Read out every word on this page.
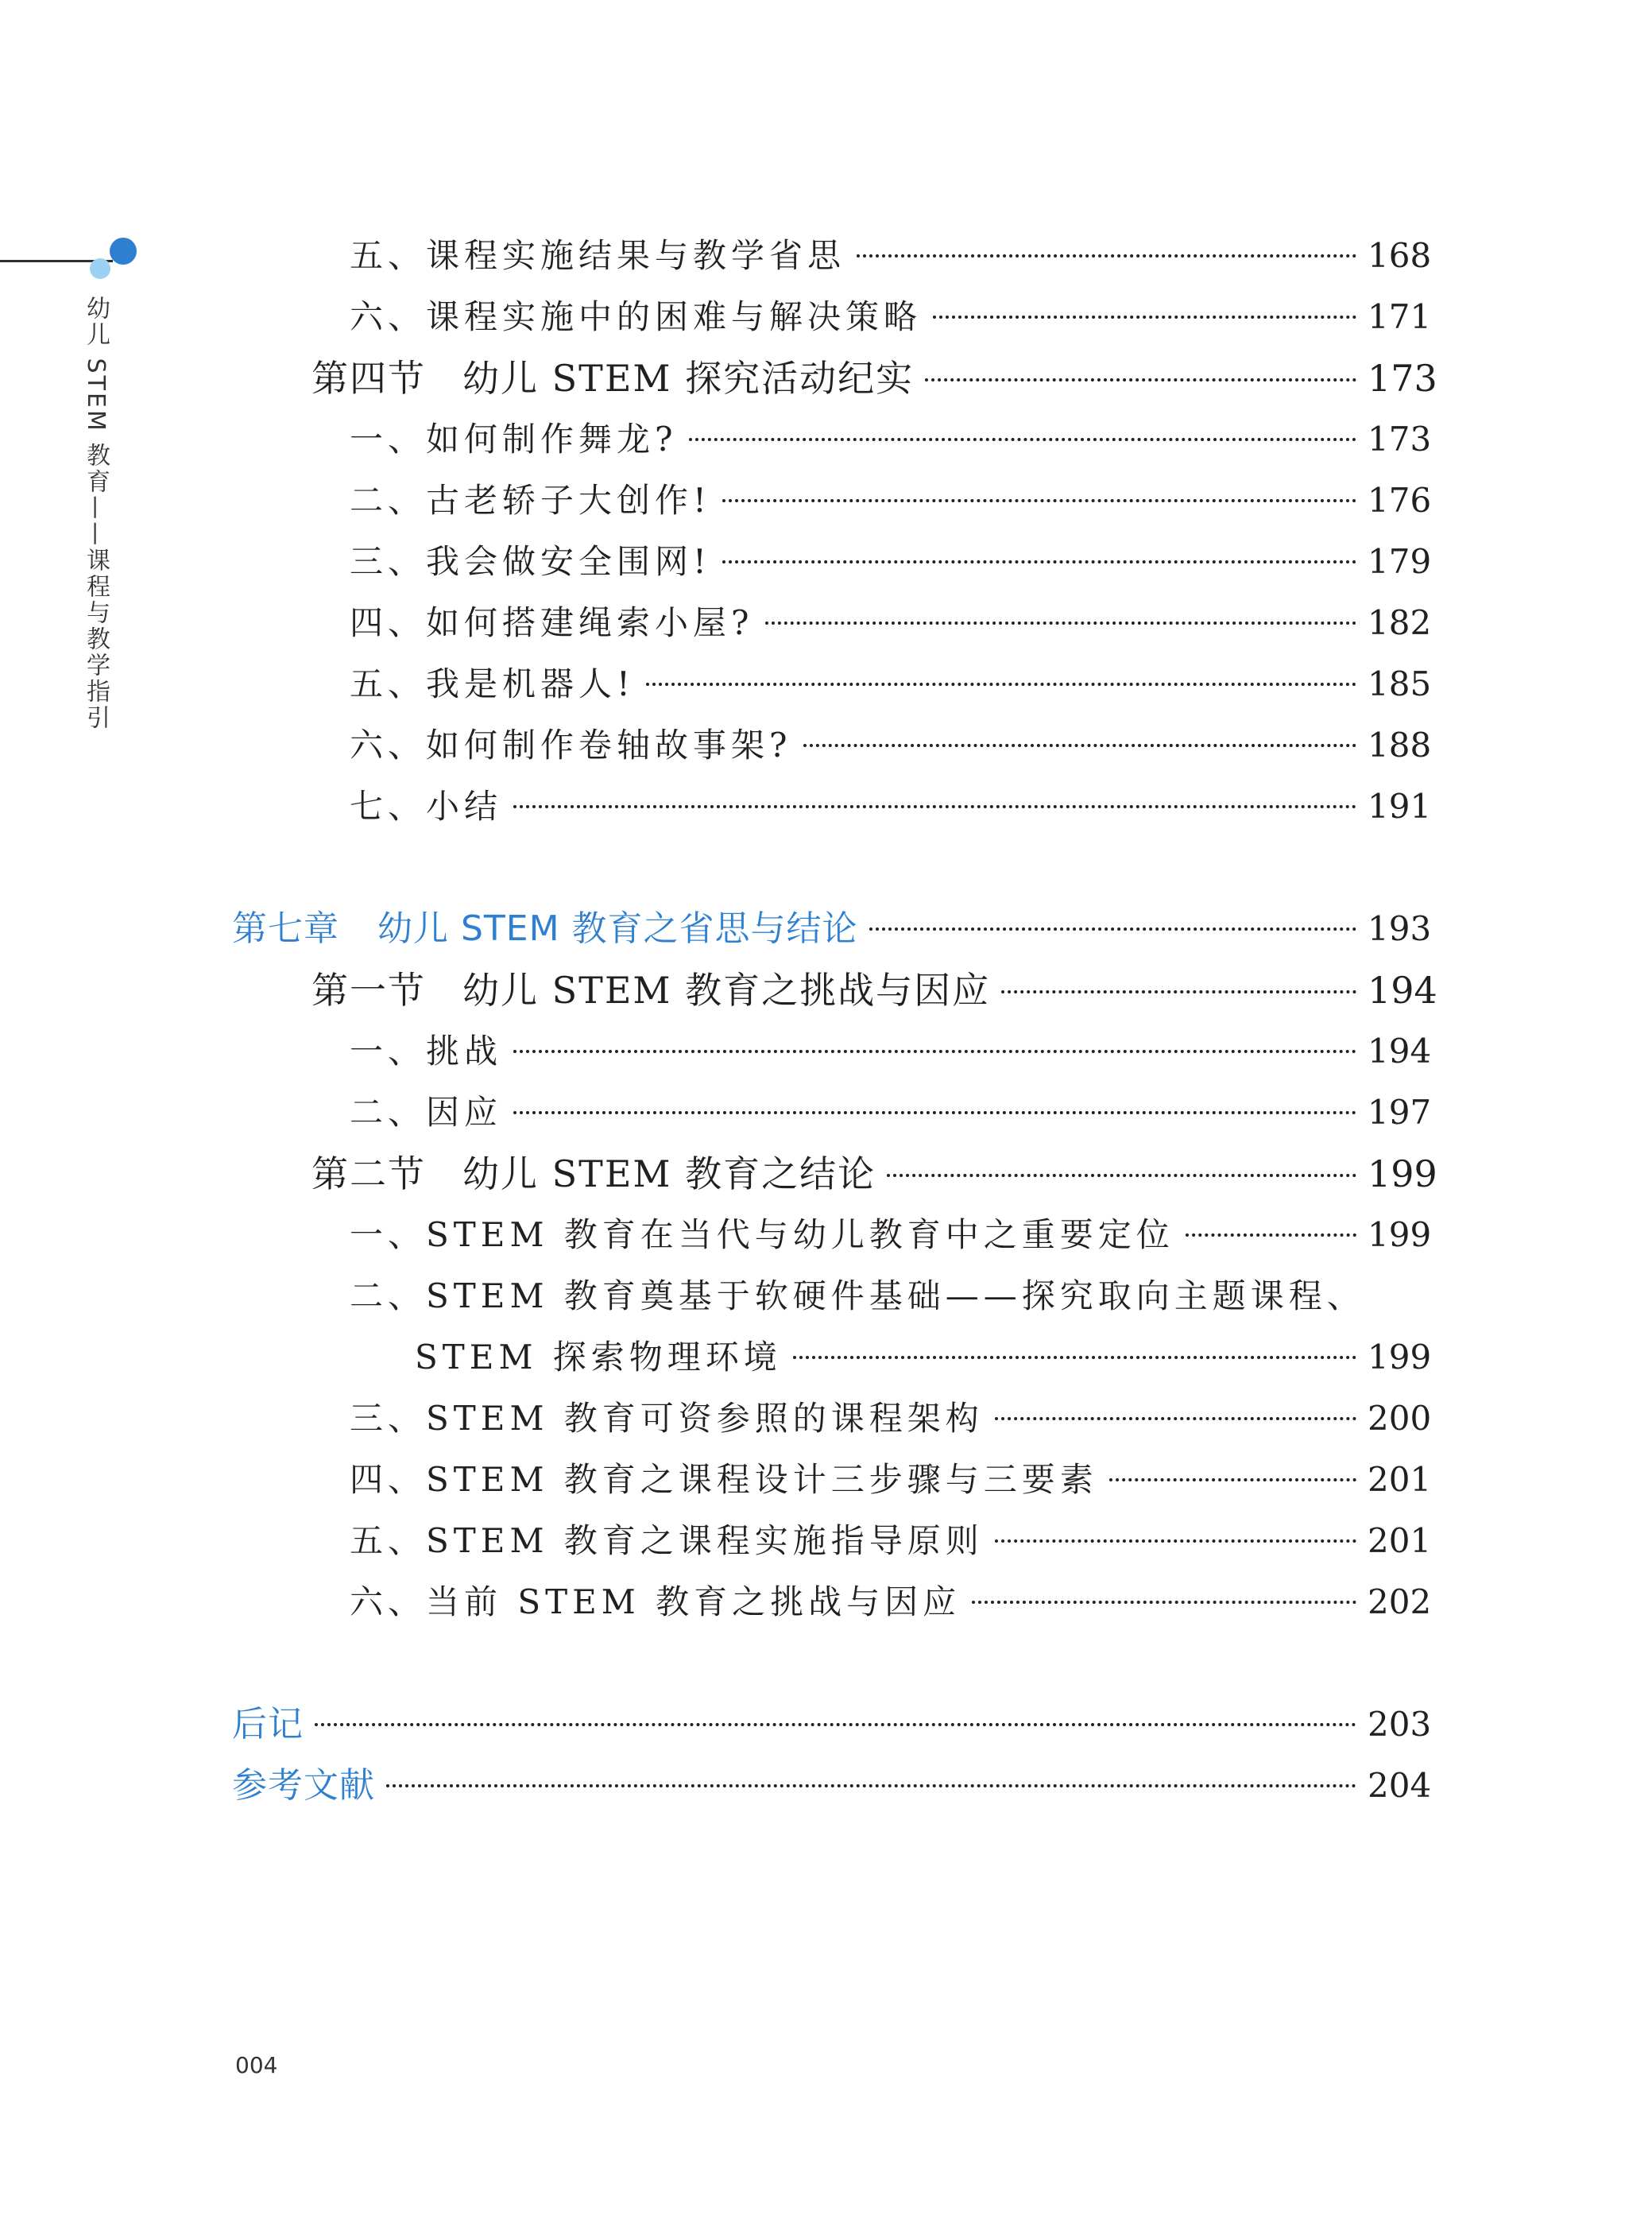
幼儿 STEM 教育——课程与教学指引
五、课程实施结果与教学省思	168
六、课程实施中的困难与解决策略	171
第四节 幼儿 STEM 探究活动纪实	173
一、如何制作舞龙?	173
二、古老轿子大创作!	176
三、我会做安全围网!	179
四、如何搭建绳索小屋?	182
五、我是机器人!	185
六、如何制作卷轴故事架?	188
七、小结	191
第七章 幼儿 STEM 教育之省思与结论	193
第一节 幼儿 STEM 教育之挑战与因应	194
一、挑战	194
二、因应	197
第二节 幼儿 STEM 教育之结论	199
一、STEM 教育在当代与幼儿教育中之重要定位	199
二、STEM 教育奠基于软硬件基础——探究取向主题课程、
STEM 探索物理环境	199
三、STEM 教育可资参照的课程架构	200
四、STEM 教育之课程设计三步骤与三要素	201
五、STEM 教育之课程实施指导原则	201
六、当前 STEM 教育之挑战与因应	202
后记	203
参考文献	204
004
